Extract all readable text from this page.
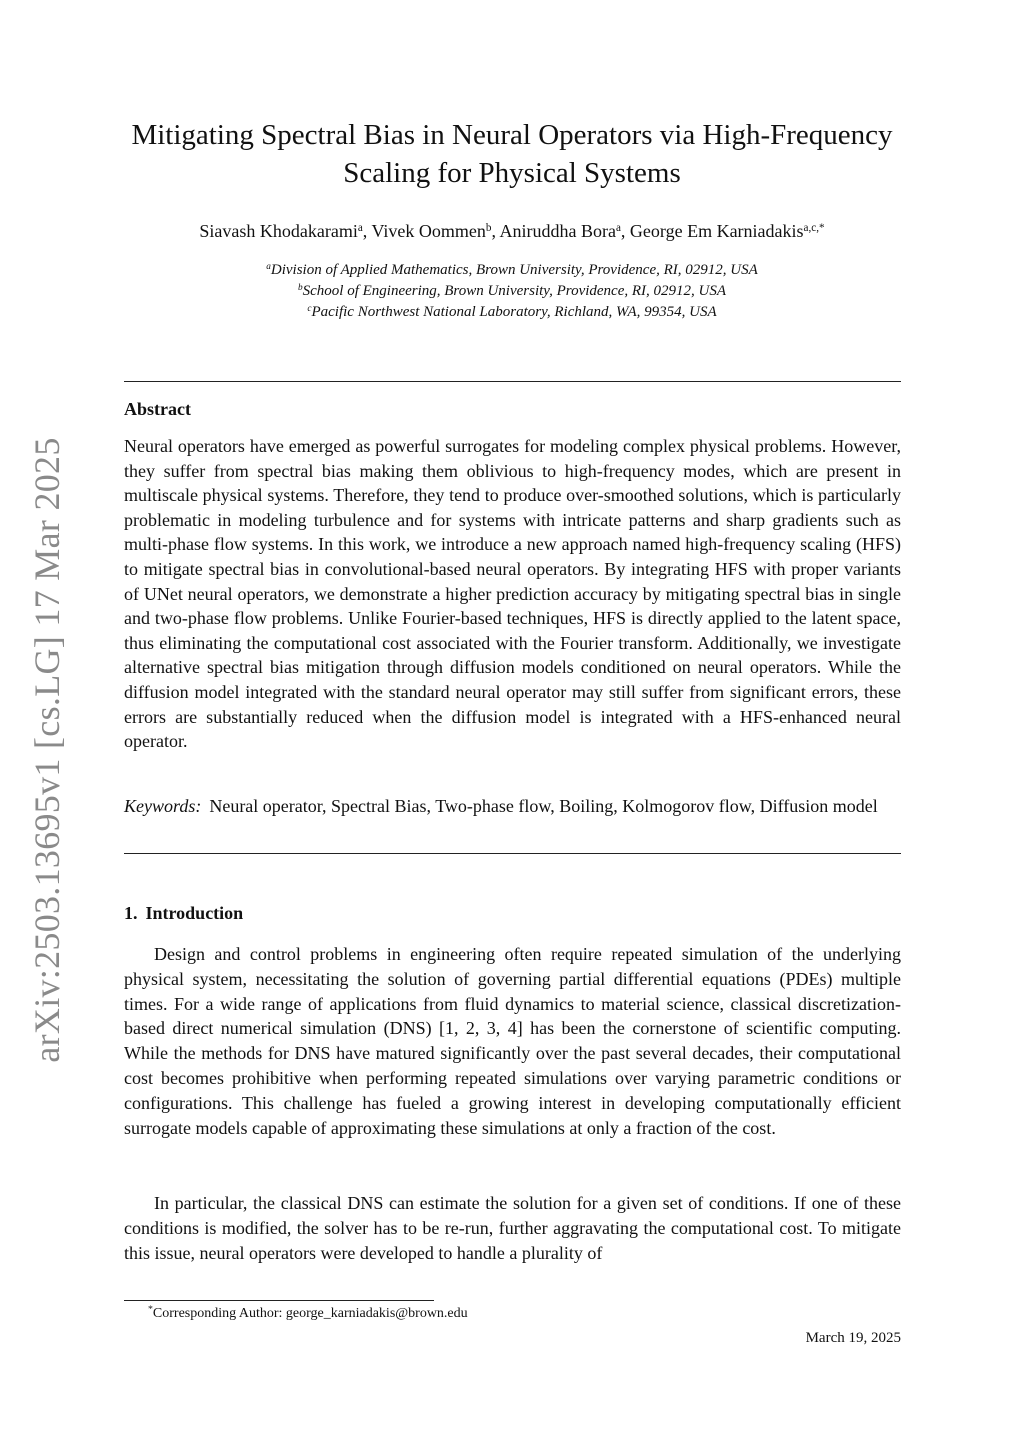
arXiv:2503.13695v1 [cs.LG] 17 Mar 2025
Mitigating Spectral Bias in Neural Operators via High-Frequency
Scaling for Physical Systems
Siavash Khodakarami$^a$, Vivek Oommen$^b$, Aniruddha Bora$^a$, George Em Karniadakis$^{a,c,*}$
$^a$Division of Applied Mathematics, Brown University, Providence, RI, 02912, USA
$^b$School of Engineering, Brown University, Providence, RI, 02912, USA
$^c$Pacific Northwest National Laboratory, Richland, WA, 99354, USA
Abstract
Neural operators have emerged as powerful surrogates for modeling complex physical problems. However, they suffer from spectral bias making them oblivious to high-frequency modes, which are present in multiscale physical systems. Therefore, they tend to produce over-smoothed solutions, which is particularly problematic in modeling turbulence and for systems with intricate patterns and sharp gradients such as multi-phase flow systems. In this work, we introduce a new approach named high-frequency scaling (HFS) to mitigate spectral bias in convolutional-based neural operators. By integrating HFS with proper variants of UNet neural operators, we demonstrate a higher prediction accuracy by mitigating spectral bias in single and two-phase flow problems. Unlike Fourier-based techniques, HFS is directly applied to the latent space, thus eliminating the computational cost associated with the Fourier transform. Additionally, we investigate alternative spectral bias mitigation through diffusion models conditioned on neural operators. While the diffusion model integrated with the standard neural operator may still suffer from significant errors, these errors are substantially reduced when the diffusion model is integrated with a HFS-enhanced neural operator.
Keywords: Neural operator, Spectral Bias, Two-phase flow, Boiling, Kolmogorov flow, Diffusion model
1. Introduction
Design and control problems in engineering often require repeated simulation of the underlying physical system, necessitating the solution of governing partial differential equations (PDEs) multiple times. For a wide range of applications from fluid dynamics to material science, classical discretization-based direct numerical simulation (DNS) [1, 2, 3, 4] has been the cornerstone of scientific computing. While the methods for DNS have matured significantly over the past several decades, their computational cost becomes prohibitive when performing repeated simulations over varying parametric conditions or configurations. This challenge has fueled a growing interest in developing computationally efficient surrogate models capable of approximating these simulations at only a fraction of the cost.
In particular, the classical DNS can estimate the solution for a given set of conditions. If one of these conditions is modified, the solver has to be re-run, further aggravating the computational cost. To mitigate this issue, neural operators were developed to handle a plurality of
*Corresponding Author: george_karniadakis@brown.edu
March 19, 2025
